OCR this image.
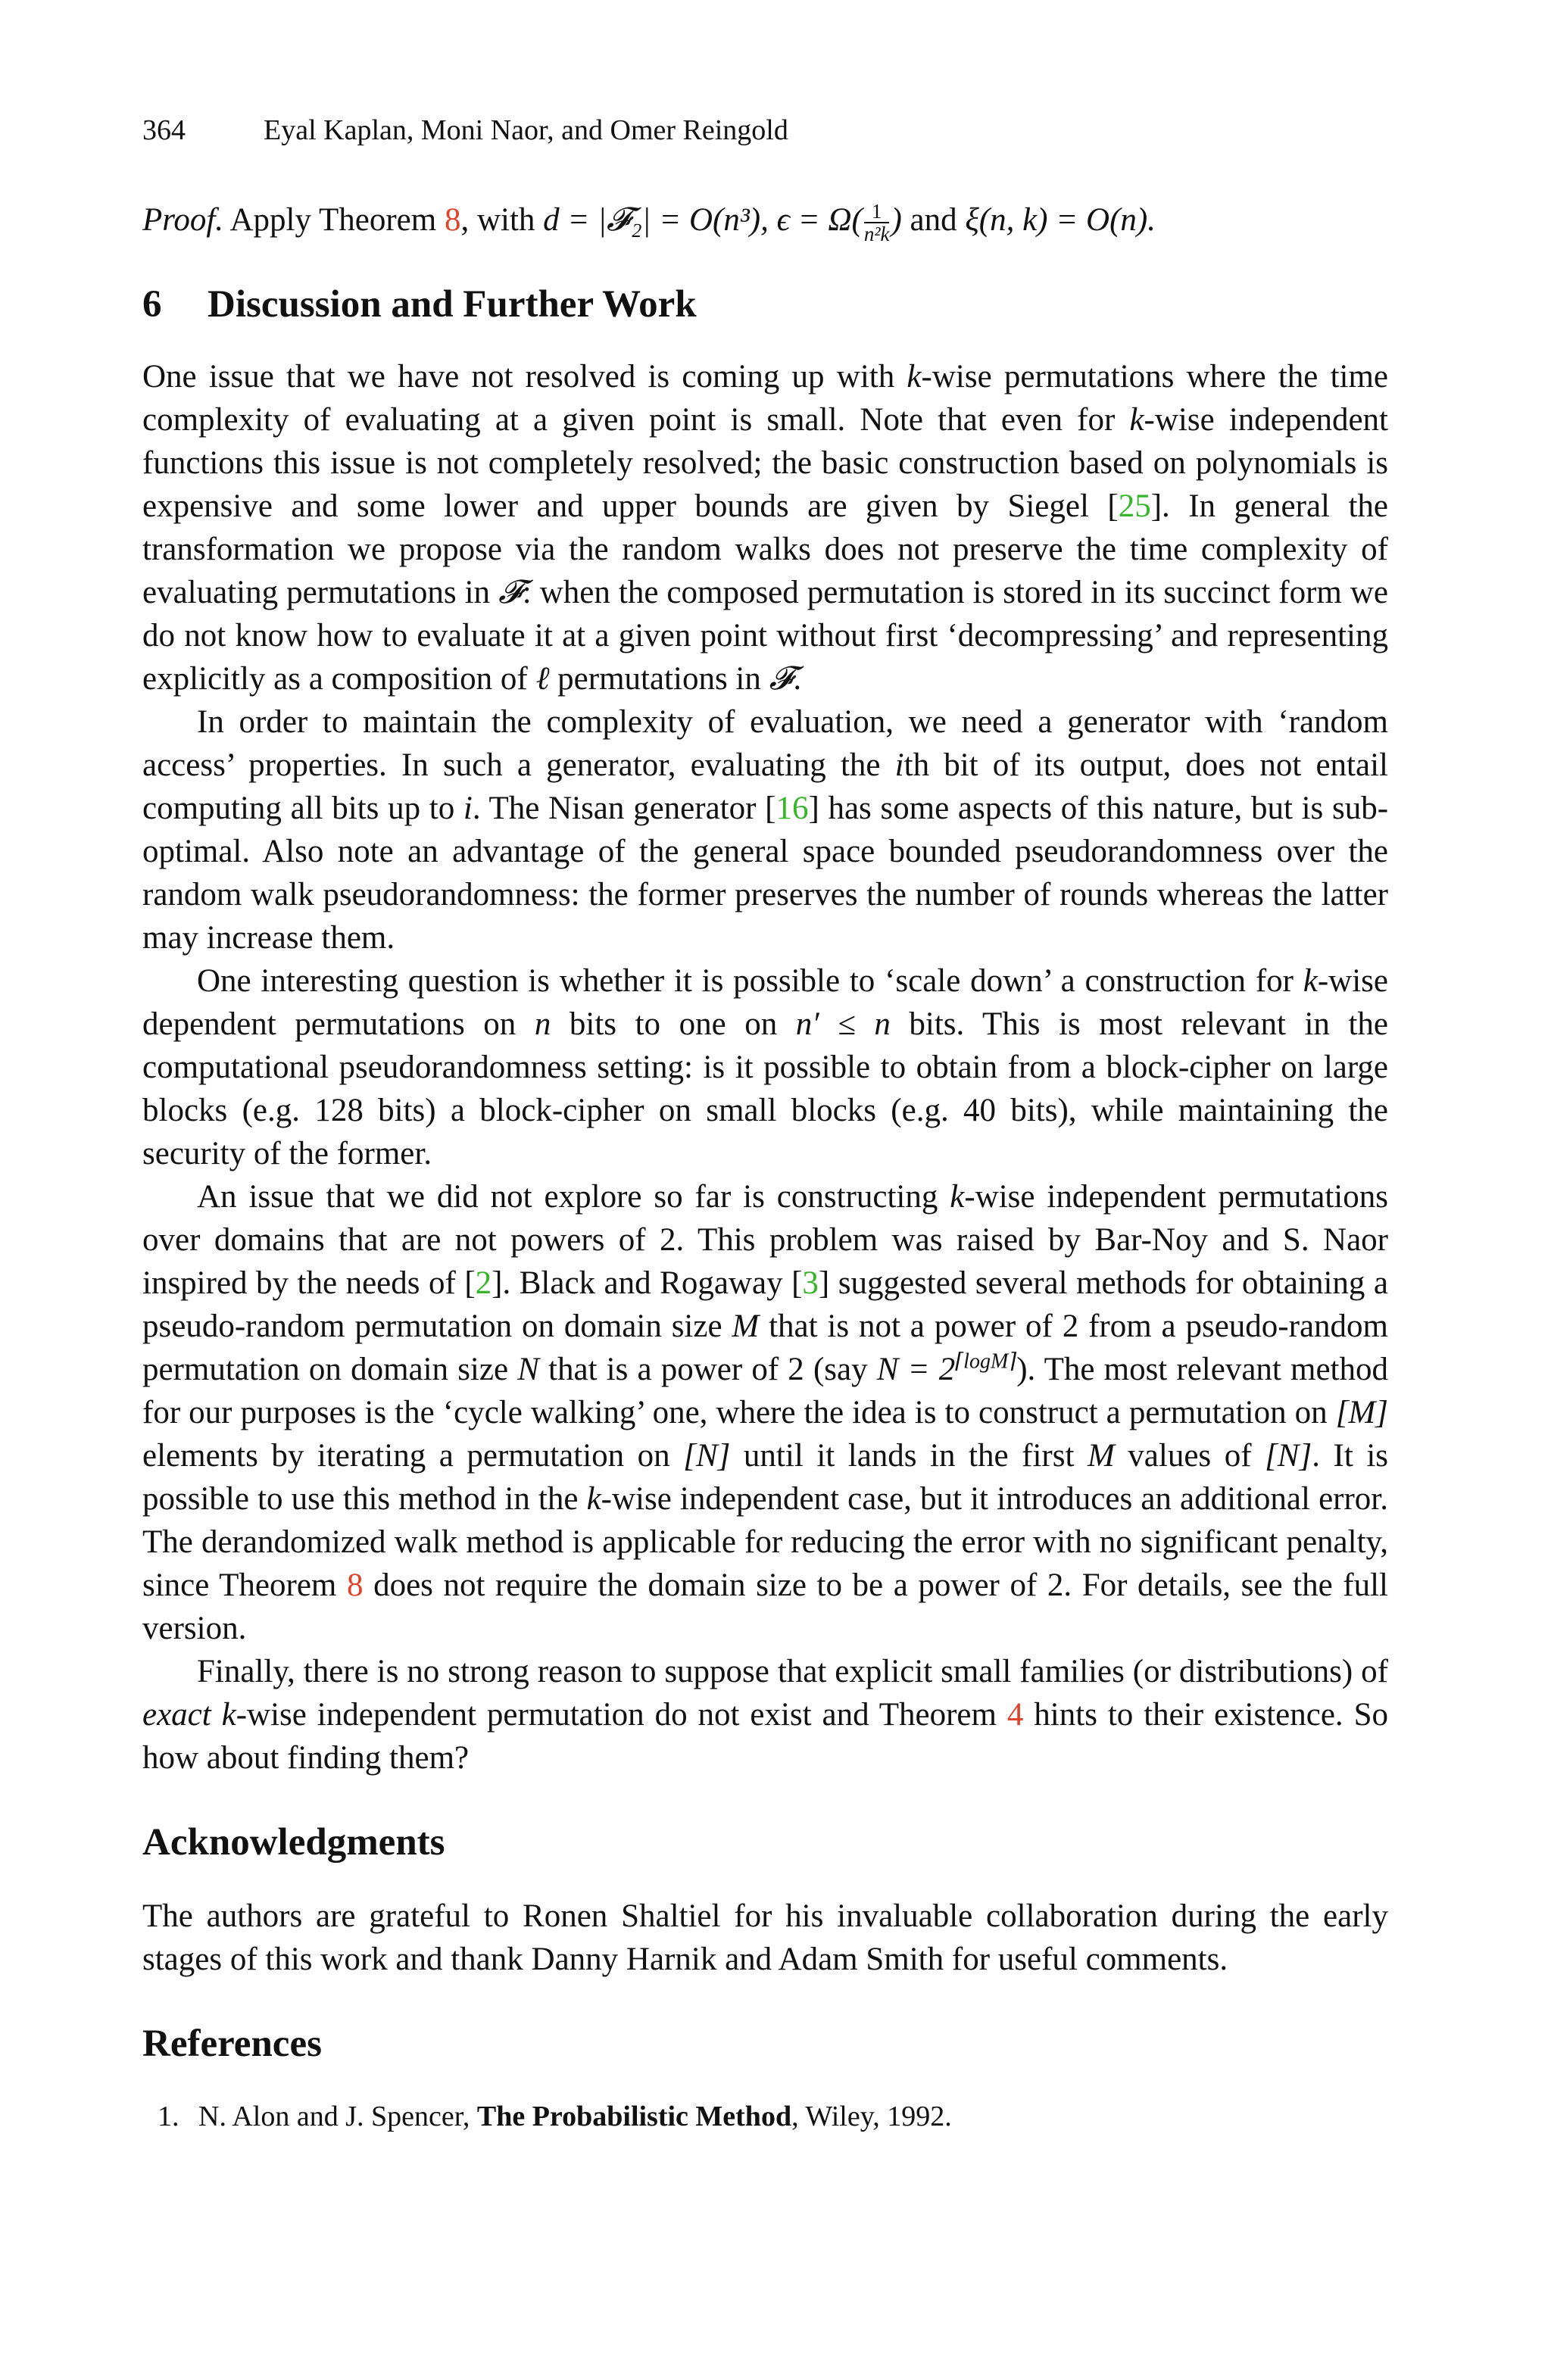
364	Eyal Kaplan, Moni Naor, and Omer Reingold

Proof. Apply Theorem 8, with d = |𝓕₂| = O(n³), $\epsilon = \Omega( \frac{1}{\text{n²k}}$ ) and ξ(n, k) = O(n).

6 Discussion and Further Work

One issue that we have not resolved is coming up with k-wise permutations where the time complexity of evaluating at a given point is small. Note that even for k-wise independent functions this issue is not completely resolved; the basic construction based on polynomials is expensive and some lower and upper bounds are given by Siegel [25]. In general the transformation we propose via the random walks does not preserve the time complexity of evaluating permutations in 𝓕: when the composed permutation is stored in its succinct form we do not know how to evaluate it at a given point without first ‘decompressing’ and representing explicitly as a composition of ℓ permutations in 𝓕.

In order to maintain the complexity of evaluation, we need a generator with ‘random access’ properties. In such a generator, evaluating the ith bit of its output, does not entail computing all bits up to i. The Nisan generator [16] has some aspects of this nature, but is sub-optimal. Also note an advantage of the general space bounded pseudorandomness over the random walk pseudorandomness: the former preserves the number of rounds whereas the latter may increase them.

One interesting question is whether it is possible to ‘scale down’ a construction for k-wise dependent permutations on n bits to one on n′ ≤ n bits. This is most relevant in the computational pseudorandomness setting: is it possible to obtain from a block-cipher on large blocks (e.g. 128 bits) a block-cipher on small blocks (e.g. 40 bits), while maintaining the security of the former.

An issue that we did not explore so far is constructing k-wise independent permutations over domains that are not powers of 2. This problem was raised by Bar-Noy and S. Naor inspired by the needs of [2]. Black and Rogaway [3] suggested several methods for obtaining a pseudo-random permutation on domain size M that is not a power of 2 from a pseudo-random permutation on domain size N that is a power of 2 (say $N = 2^{⌈logM⌉}$). The most relevant method for our purposes is the ‘cycle walking’ one, where the idea is to construct a permutation on [M] elements by iterating a permutation on [N] until it lands in the first M values of [N]. It is possible to use this method in the k-wise independent case, but it introduces an additional error. The derandomized walk method is applicable for reducing the error with no significant penalty, since Theorem 8 does not require the domain size to be a power of 2. For details, see the full version.

Finally, there is no strong reason to suppose that explicit small families (or distributions) of exact k-wise independent permutation do not exist and Theorem 4 hints to their existence. So how about finding them?

Acknowledgments

The authors are grateful to Ronen Shaltiel for his invaluable collaboration during the early stages of this work and thank Danny Harnik and Adam Smith for useful comments.

References
1. N. Alon and J. Spencer, The Probabilistic Method, Wiley, 1992.
